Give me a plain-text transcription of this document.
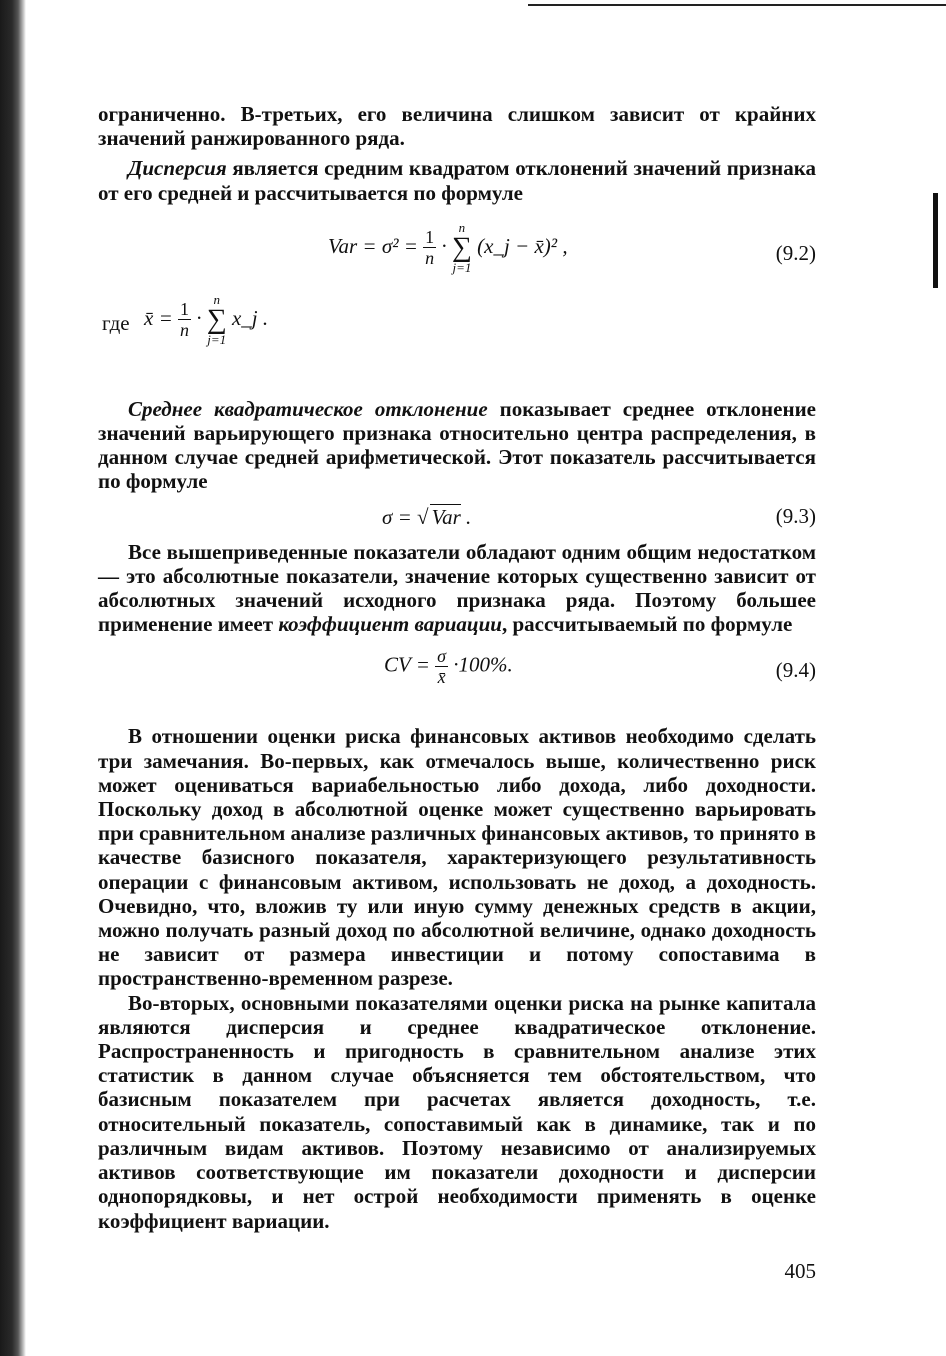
ограниченно. В-третьих, его величина слишком зависит от крайних значений ранжированного ряда.

Дисперсия является средним квадратом отклонений значений признака от его средней и рассчитывается по формуле

Var = $\sigma^2 = \frac{1}{n}$ ·
n
∑
j=1
(x_j − x̄)² ,	(9.2)
где x̄ = $\frac{1}{n}$ ·
n
∑
j=1
x_j .

Среднее квадратическое отклонение показывает среднее отклонение значений варьирующего признака относительно центра распределения, в данном случае средней арифметической. Этот показатель рассчитывается по формуле

σ = √ Var .	(9.3)

Все вышеприведенные показатели обладают одним общим недостатком — это абсолютные показатели, значение которых существенно зависит от абсолютных значений исходного признака ряда. Поэтому большее применение имеет коэффициент вариации, рассчитываемый по формуле

CV = $\frac{\sigma}{x̄} \cdot 100\%$.	(9.4)

В отношении оценки риска финансовых активов необходимо сделать три замечания. Во-первых, как отмечалось выше, количественно риск может оцениваться вариабельностью либо дохода, либо доходности. Поскольку доход в абсолютной оценке может существенно варьировать при сравнительном анализе различных финансовых активов, то принято в качестве базисного показателя, характеризующего результативность операции с финансовым активом, использовать не доход, а доходность. Очевидно, что, вложив ту или иную сумму денежных средств в акции, можно получать разный доход по абсолютной величине, однако доходность не зависит от размера инвестиции и потому сопоставима в пространственно-временном разрезе.

Во-вторых, основными показателями оценки риска на рынке капитала являются дисперсия и среднее квадратическое отклонение. Распространенность и пригодность в сравнительном анализе этих статистик в данном случае объясняется тем обстоятельством, что базисным показателем при расчетах является доходность, т.е. относительный показатель, сопоставимый как в динамике, так и по различным видам активов. Поэтому независимо от анализируемых активов соответствующие им показатели доходности и дисперсии однопорядковы, и нет острой необходимости применять в оценке коэффициент вариации.

405
